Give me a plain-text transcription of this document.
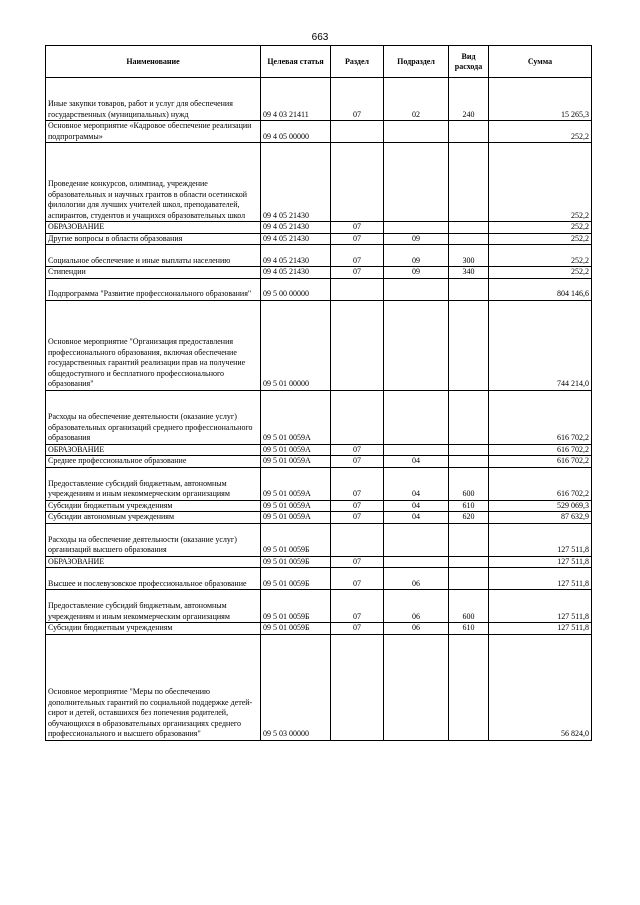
663
Наименование	Целевая статья	Раздел	Подраздел	Вид расхода	Сумма
Иные закупки товаров, работ и услуг для обеспечения государственных (муниципальных) нужд	09 4 03 21411	07	02	240	15 265,3
Основное мероприятие «Кадровое обеспечение реализации подпрограммы»	09 4 05 00000				252,2
Проведение конкурсов, олимпиад, учреждение образовательных и научных грантов в области осетинской филологии для лучших учителей школ, преподавателей, аспирантов, студентов и учащихся образовательных школ	09 4 05 21430				252,2
ОБРАЗОВАНИЕ	09 4 05 21430	07			252,2
Другие вопросы в области образования	09 4 05 21430	07	09		252,2
Социальное обеспечение и иные выплаты населению	09 4 05 21430	07	09	300	252,2
Стипендии	09 4 05 21430	07	09	340	252,2
Подпрограмма "Развитие профессионального образования"	09 5 00 00000				804 146,6
Основное мероприятие "Организация предоставления профессионального образования, включая обеспечение государственных гарантий реализации прав на получение общедоступного и бесплатного профессионального образования"	09 5 01 00000				744 214,0
Расходы на обеспечение деятельности (оказание услуг) образовательных организаций среднего профессионального образования	09 5 01 0059А				616 702,2
ОБРАЗОВАНИЕ	09 5 01 0059А	07			616 702,2
Среднее профессиональное образование	09 5 01 0059А	07	04		616 702,2
Предоставление субсидий бюджетным, автономным учреждениям и иным некоммерческим организациям	09 5 01 0059А	07	04	600	616 702,2
Субсидии бюджетным учреждениям	09 5 01 0059А	07	04	610	529 069,3
Субсидии автономным учреждениям	09 5 01 0059А	07	04	620	87 632,9
Расходы на обеспечение деятельности (оказание услуг) организаций высшего образования	09 5 01 0059Б				127 511,8
ОБРАЗОВАНИЕ	09 5 01 0059Б	07			127 511,8
Высшее и послевузовское профессиональное образование	09 5 01 0059Б	07	06		127 511,8
Предоставление субсидий бюджетным, автономным учреждениям и иным некоммерческим организациям	09 5 01 0059Б	07	06	600	127 511,8
Субсидии бюджетным учреждениям	09 5 01 0059Б	07	06	610	127 511,8
Основное мероприятие "Меры по обеспечению дополнительных гарантий по социальной поддержке детей-сирот и детей, оставшихся без попечения родителей, обучающихся в образовательных организациях среднего профессионального и высшего образования"	09 5 03 00000				56 824,0
